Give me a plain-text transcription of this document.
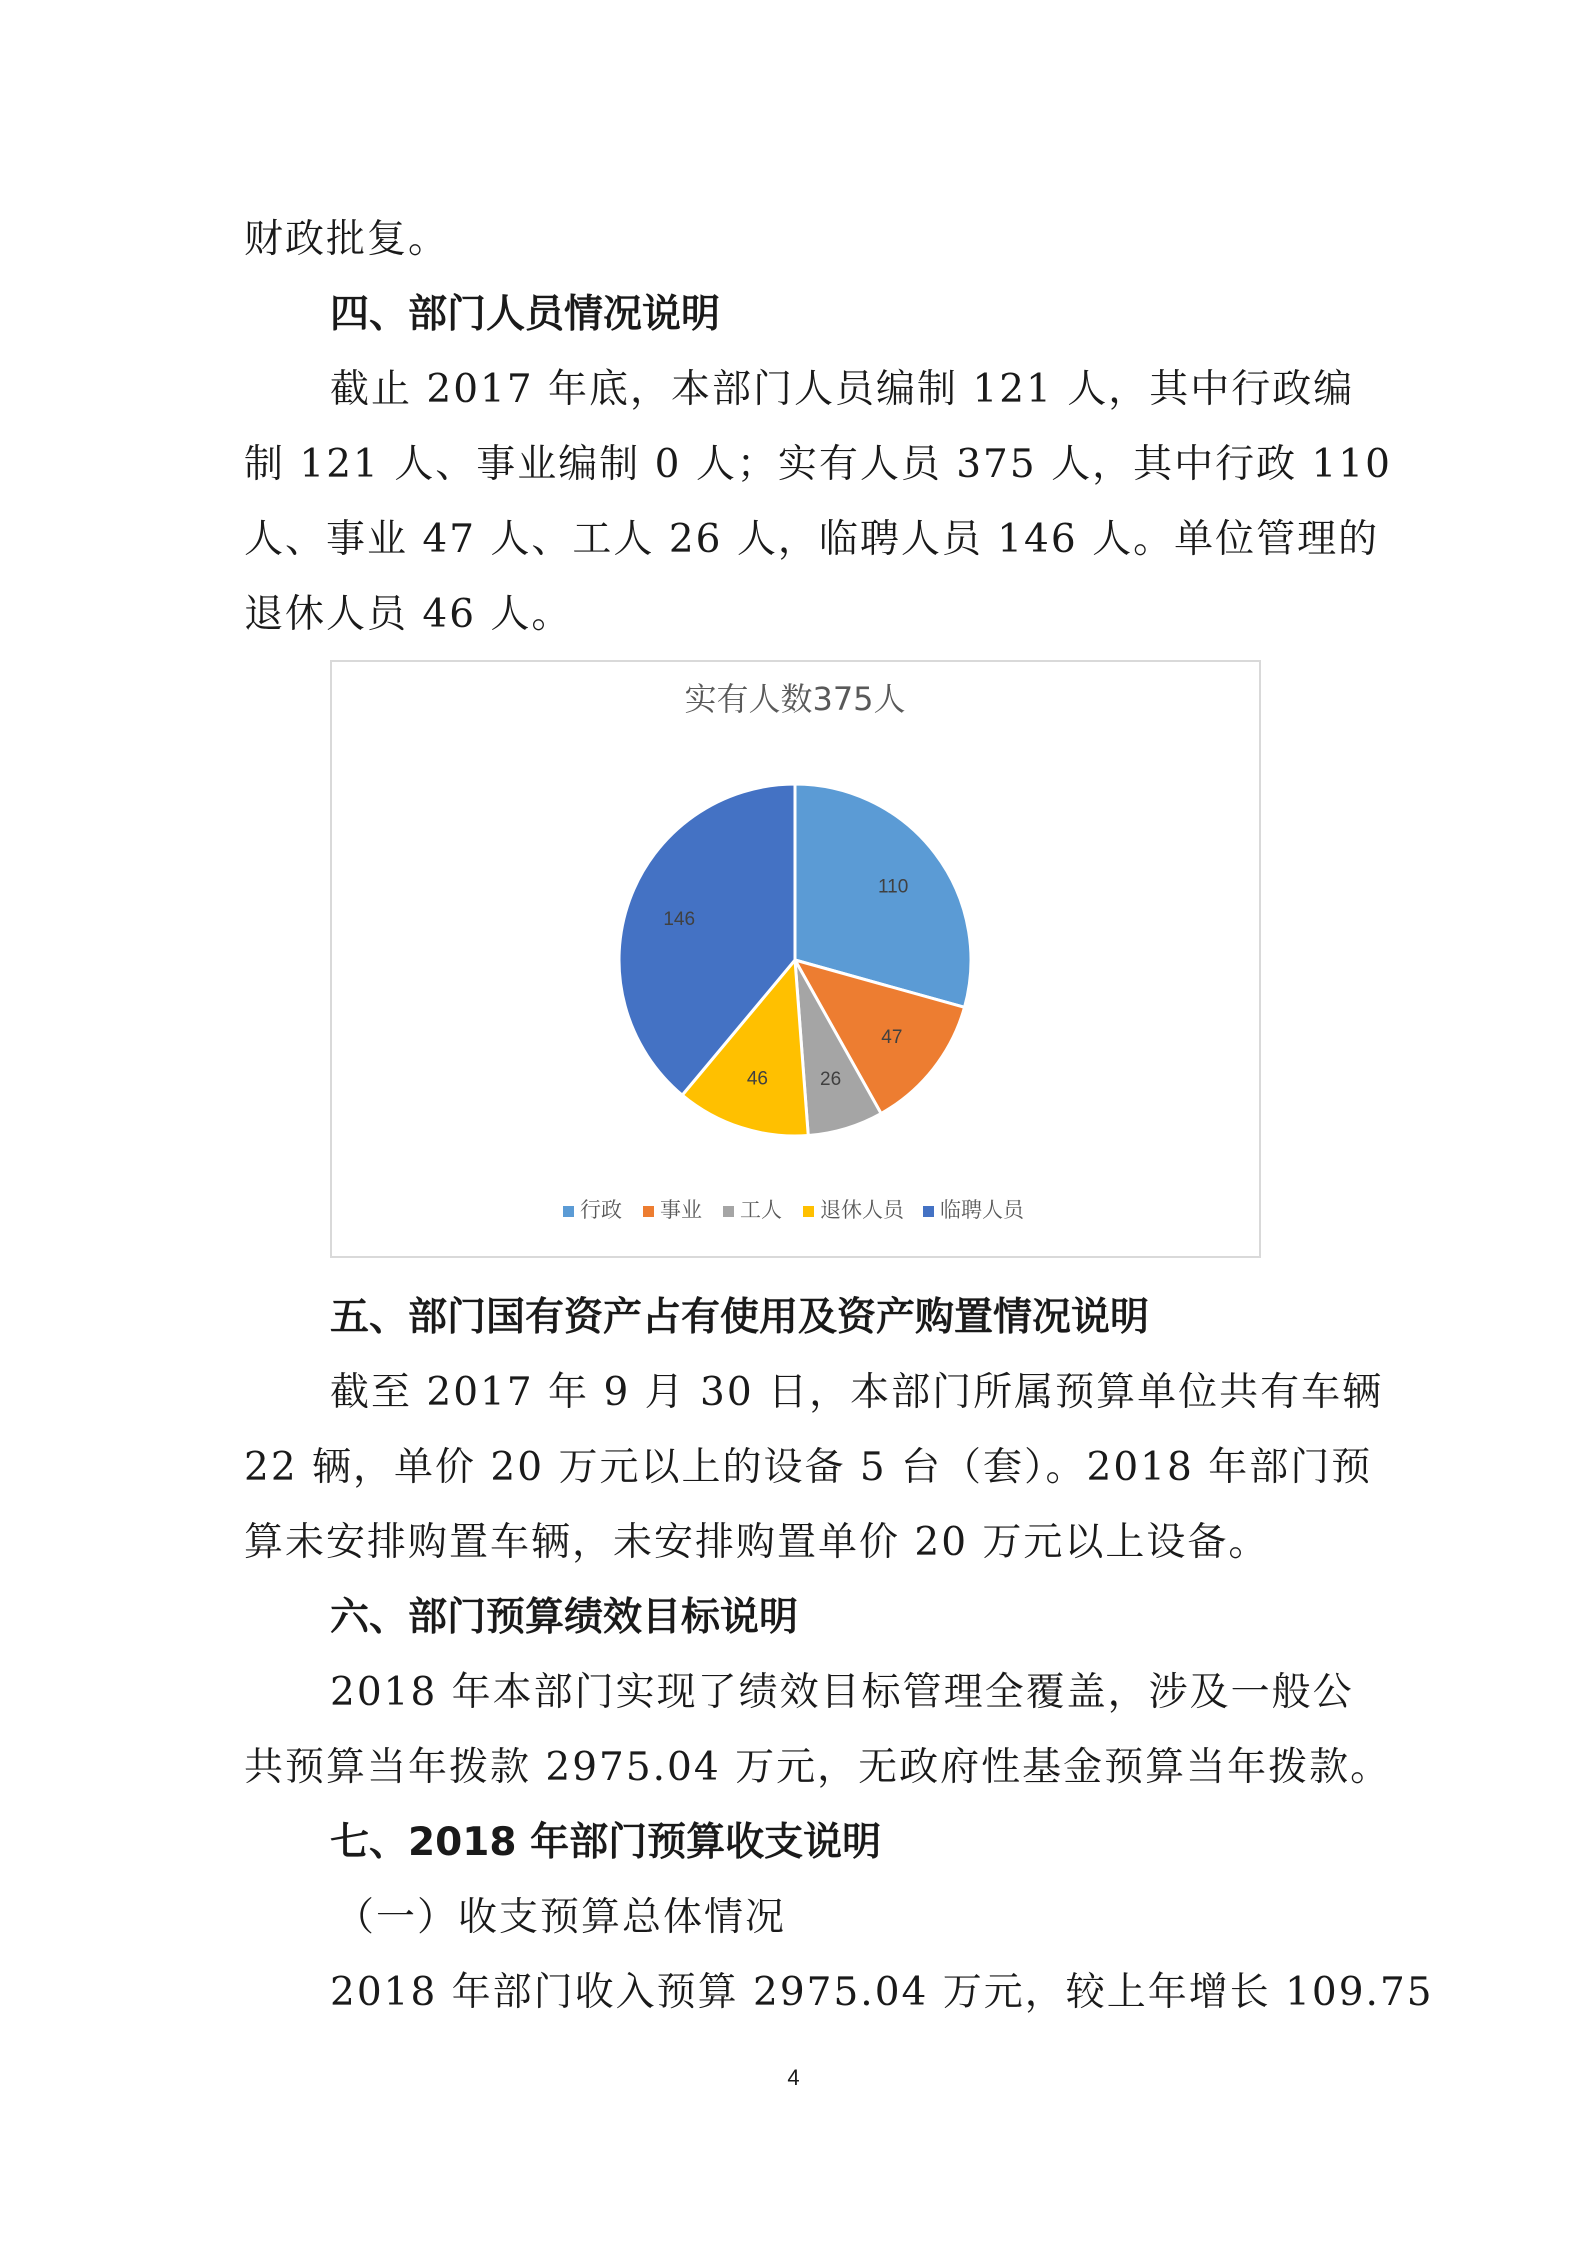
财政批复。
四、部门人员情况说明
截止 2017 年底，本部门人员编制 121 人，其中行政编
制 121 人、事业编制 0 人；实有人员 375 人，其中行政 110
人、事业 47 人、工人 26 人，临聘人员 146 人。单位管理的
退休人员 46 人。
实有人数375人
110
47
26
46
146
行政 事业 工人 退休人员 临聘人员
五、部门国有资产占有使用及资产购置情况说明
截至 2017 年 9 月 30 日，本部门所属预算单位共有车辆
22 辆，单价 20 万元以上的设备 5 台（套）。2018 年部门预
算未安排购置车辆，未安排购置单价 20 万元以上设备。
六、部门预算绩效目标说明
2018 年本部门实现了绩效目标管理全覆盖，涉及一般公
共预算当年拨款 2975.04 万元，无政府性基金预算当年拨款。
七、2018 年部门预算收支说明
（一）收支预算总体情况
2018 年部门收入预算 2975.04 万元，较上年增长 109.75
4
